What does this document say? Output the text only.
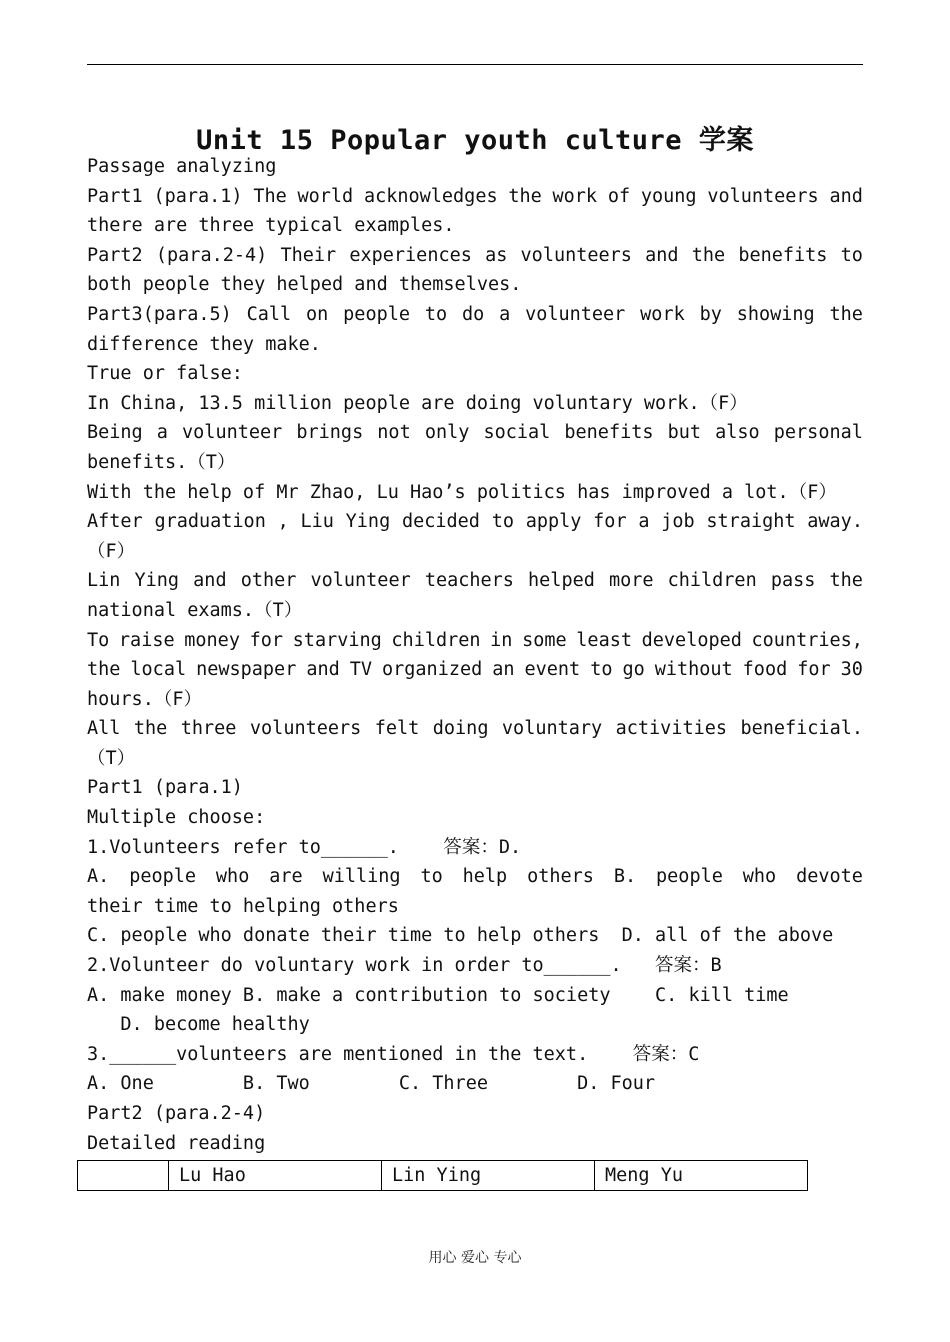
Unit 15 Popular youth culture 学案
Passage analyzing
Part1 (para.1) The world acknowledges the work of young volunteers and
there are three typical examples.
Part2 (para.2-4) Their experiences as volunteers and the benefits to
both people they helped and themselves.
Part3(para.5) Call on people to do a volunteer work by showing the
difference they make.
True or false:
In China, 13.5 million people are doing voluntary work.（F）
Being a volunteer brings not only social benefits but also personal
benefits.（T）
With the help of Mr Zhao, Lu Hao’s politics has improved a lot.（F）
After graduation , Liu Ying decided to apply for a job straight away.
（F）
Lin Ying and other volunteer teachers helped more children pass the
national exams.（T）
To raise money for starving children in some least developed countries,
the local newspaper and TV organized an event to go without food for 30
hours.（F）
All the three volunteers felt doing voluntary activities beneficial.
（T）
Part1 (para.1)
Multiple choose:
1.Volunteers refer to______.    答案：D.
A. people who are willing to help others B. people who devote
their time to helping others
C. people who donate their time to help others  D. all of the above
2.Volunteer do voluntary work in order to______.   答案：B
A. make money B. make a contribution to society    C. kill time
D. become healthy
3.______volunteers are mentioned in the text.    答案：C
A. One        B. Two        C. Three        D. Four
Part2 (para.2-4)
Detailed reading
	Lu Hao	Lin Ying	Meng Yu
用心 爱心 专心
